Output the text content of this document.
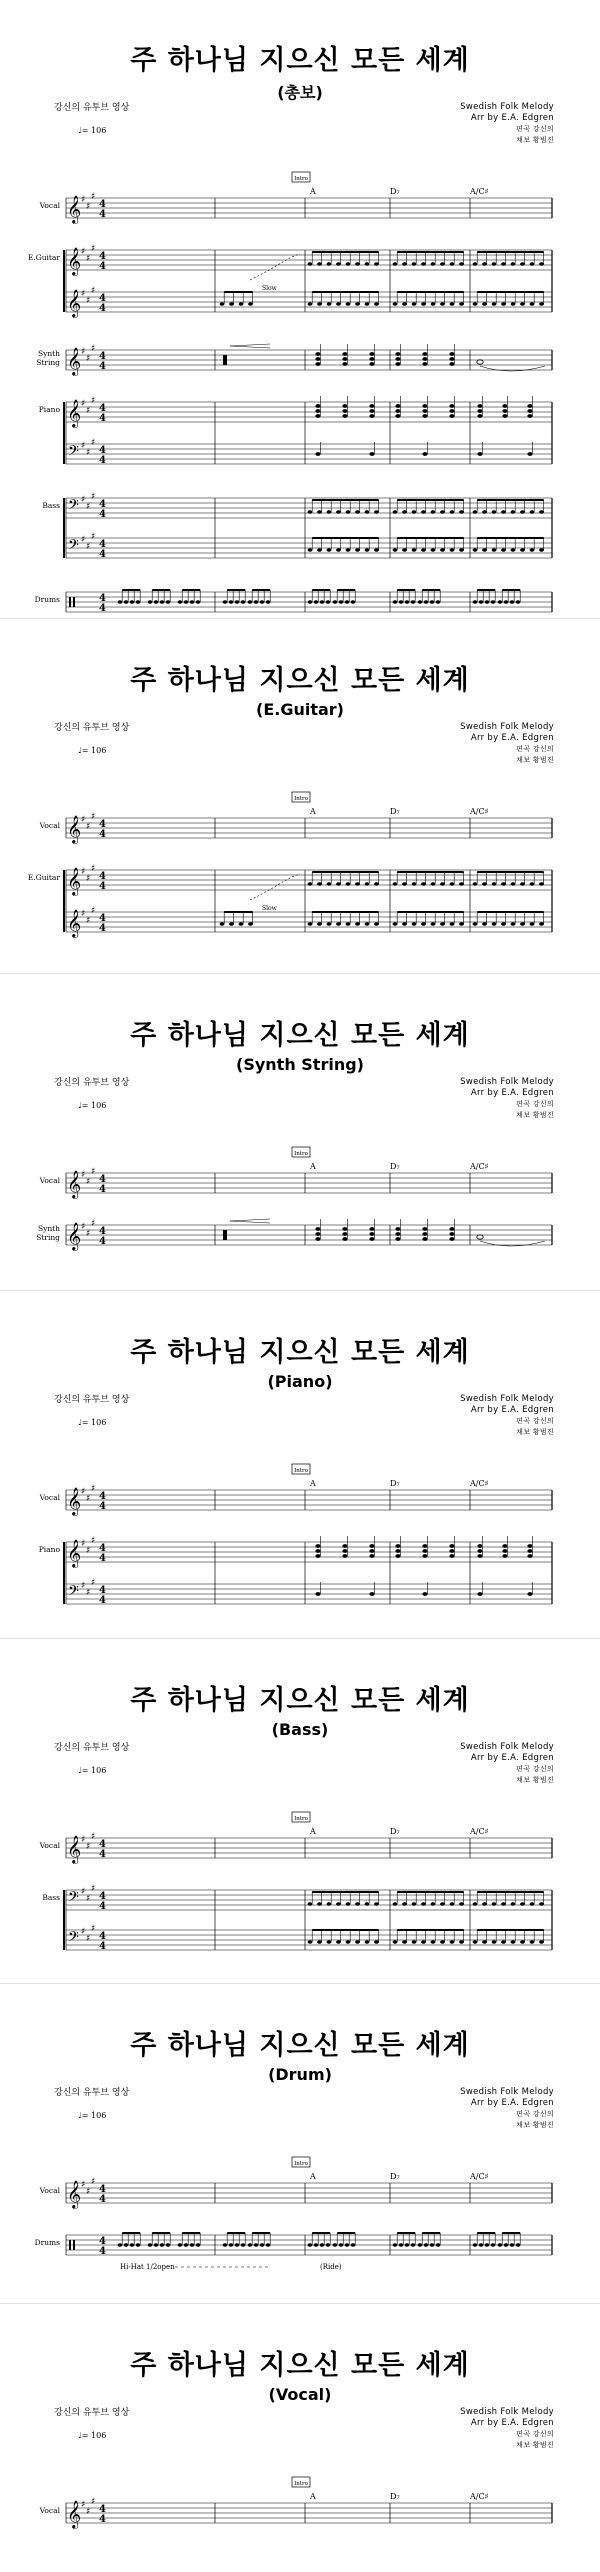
주 하나님 지으신 모든 세계
(총보)
강신의 유투브 영상
♩= 106
Swedish Folk Melody
Arr by E.A. Edgren
편곡 강신의
채보 황범진
Intro
A	D₇	A/C♯
Vocal 𝄞 ♯
♯
♯
4
4
E.Guitar 𝄞 ♯
♯
♯
4
4
𝄞 ♯
♯
♯
4
4
Slow
Synth
String 𝄞 ♯
♯
♯
4
4
Piano 𝄞 ♯
♯
♯
4
4
𝄢 ♯
♯
♯
4
4
Bass 𝄢 ♯
♯
♯
4
4
𝄢 ♯
♯
♯
4
4
Drums	4
4
주 하나님 지으신 모든 세계
(E.Guitar)
강신의 유투브 영상
♩= 106
Swedish Folk Melody
Arr by E.A. Edgren
편곡 강신의
채보 황범진
Intro
A	D₇	A/C♯
Vocal 𝄞 ♯
♯
♯
4
4
E.Guitar 𝄞 ♯
♯
♯
4
4
𝄞 ♯
♯
♯
4
4
Slow
주 하나님 지으신 모든 세계
(Synth String)
강신의 유투브 영상
♩= 106
Swedish Folk Melody
Arr by E.A. Edgren
편곡 강신의
채보 황범진
Intro
A	D₇	A/C♯
Vocal 𝄞 ♯
♯
♯
4
4
Synth
String 𝄞 ♯
♯
♯
4
4
주 하나님 지으신 모든 세계
(Piano)
강신의 유투브 영상
♩= 106
Swedish Folk Melody
Arr by E.A. Edgren
편곡 강신의
채보 황범진
Intro
A	D₇	A/C♯
Vocal 𝄞 ♯
♯
♯
4
4
Piano 𝄞 ♯
♯
♯
4
4
𝄢 ♯
♯
♯
4
4
주 하나님 지으신 모든 세계
(Bass)
강신의 유투브 영상
♩= 106
Swedish Folk Melody
Arr by E.A. Edgren
편곡 강신의
채보 황범진
Intro
A	D₇	A/C♯
Vocal 𝄞 ♯
♯
♯
4
4
Bass 𝄢 ♯
♯
♯
4
4
𝄢 ♯
♯
♯
4
4
주 하나님 지으신 모든 세계
(Drum)
강신의 유투브 영상
♩= 106
Swedish Folk Melody
Arr by E.A. Edgren
편곡 강신의
채보 황범진
Intro
A	D₇	A/C♯
Vocal 𝄞 ♯
♯
♯
4
4
Drums	4
4
Hi-Hat 1/2open	(Ride)
주 하나님 지으신 모든 세계
(Vocal)
강신의 유투브 영상
♩= 106
Swedish Folk Melody
Arr by E.A. Edgren
편곡 강신의
채보 황범진
Intro
A	D₇	A/C♯
Vocal 𝄞 ♯
♯
♯
4
4
